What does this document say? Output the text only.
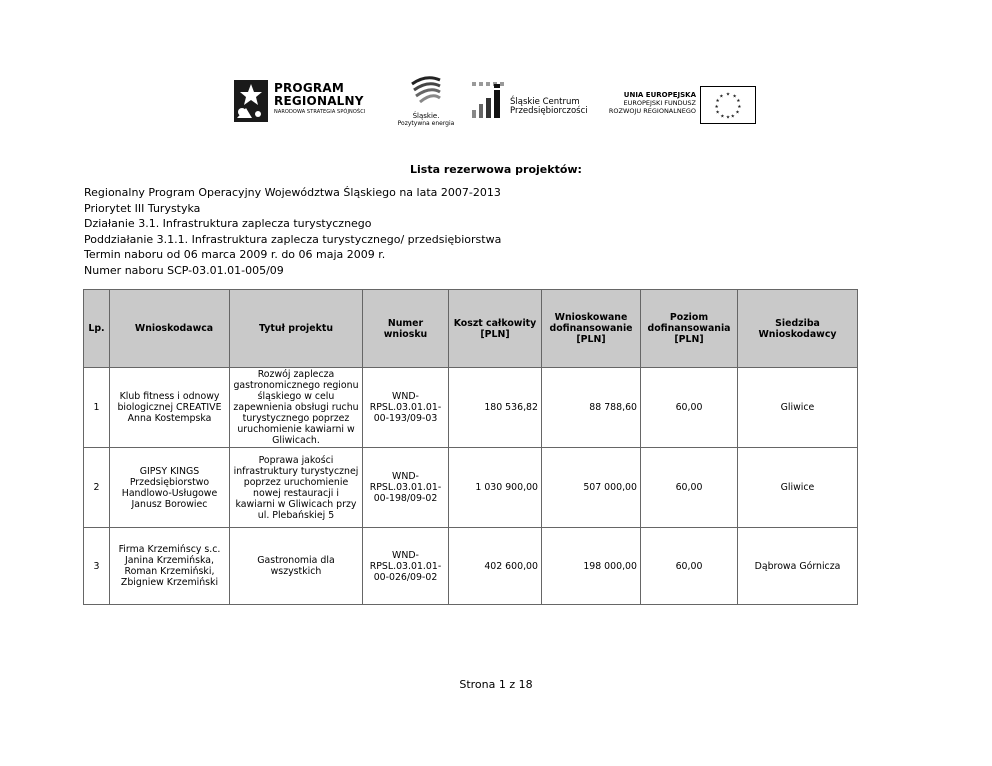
PROGRAM
REGIONALNY
NARODOWA STRATEGIA SPÓJNOŚCI	Śląskie.
Pozytywna energia
Śląskie Centrum
Przedsiębiorczości
UNIA EUROPEJSKA
EUROPEJSKI FUNDUSZ
ROZWOJU REGIONALNEGO
★ ★
★
★
★
★
★
★
★
★
★
★
Lista rezerwowa projektów:
Regionalny Program Operacyjny Województwa Śląskiego na lata 2007-2013
Priorytet III Turystyka
Działanie 3.1. Infrastruktura zaplecza turystycznego
Poddziałanie 3.1.1. Infrastruktura zaplecza turystycznego/ przedsiębiorstwa
Termin naboru od 06 marca 2009 r. do 06 maja 2009 r.
Numer naboru SCP-03.01.01-005/09
Lp.	Wnioskodawca	Tytuł projektu	Numer wniosku	Koszt całkowity [PLN]	Wnioskowane dofinansowanie [PLN]	Poziom dofinansowania [PLN]	Siedziba Wnioskodawcy
1	Klub fitness i odnowy biologicznej CREATIVE Anna Kostempska	Rozwój zaplecza gastronomicznego regionu śląskiego w celu zapewnienia obsługi ruchu turystycznego poprzez uruchomienie kawiarni w Gliwicach.	WND-RPSL.03.01.01-00-193/09-03	180 536,82	88 788,60	60,00	Gliwice
2	GIPSY KINGS Przedsiębiorstwo Handlowo-Usługowe Janusz Borowiec	Poprawa jakości infrastruktury turystycznej poprzez uruchomienie nowej restauracji i kawiarni w Gliwicach przy ul. Plebańskiej 5	WND-RPSL.03.01.01-00-198/09-02	1 030 900,00	507 000,00	60,00	Gliwice
3	Firma Krzemińscy s.c. Janina Krzemińska, Roman Krzemiński, Zbigniew Krzemiński	Gastronomia dla wszystkich	WND-RPSL.03.01.01-00-026/09-02	402 600,00	198 000,00	60,00	Dąbrowa Górnicza
Strona 1 z 18
